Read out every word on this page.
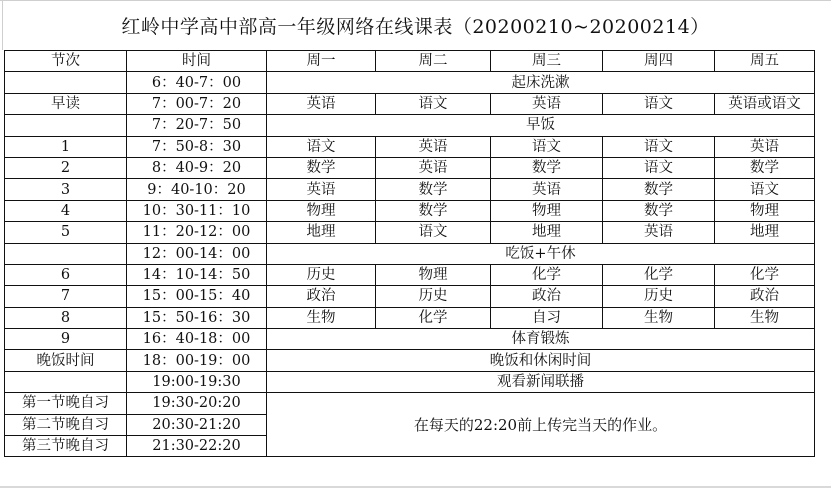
红岭中学高中部高一年级网络在线课表（20200210~20200214）
节次	时间	周一	周二	周三	周四	周五
	6：40-7：00	起床洗漱				
早读	7：00-7：20	英语	语文	英语	语文	英语或语文
	7：20-7：50	早饭				
1	7：50-8：30	语文	英语	语文	语文	英语
2	8：40-9：20	数学	英语	数学	语文	数学
3	9：40-10：20	英语	数学	英语	数学	语文
4	10：30-11：10	物理	数学	物理	数学	物理
5	11：20-12：00	地理	语文	地理	英语	地理
	12：00-14：00	吃饭+午休				
6	14：10-14：50	历史	物理	化学	化学	化学
7	15：00-15：40	政治	历史	政治	历史	政治
8	15：50-16：30	生物	化学	自习	生物	生物
9	16：40-18：00	体育锻炼				
晚饭时间	18：00-19：00	晚饭和休闲时间				
	19:00-19:30	观看新闻联播				
第一节晚自习	19:30-20:20	在每天的22:20前上传完当天的作业。				
第二节晚自习	20:30-21:20					
第三节晚自习	21:30-22:20					
